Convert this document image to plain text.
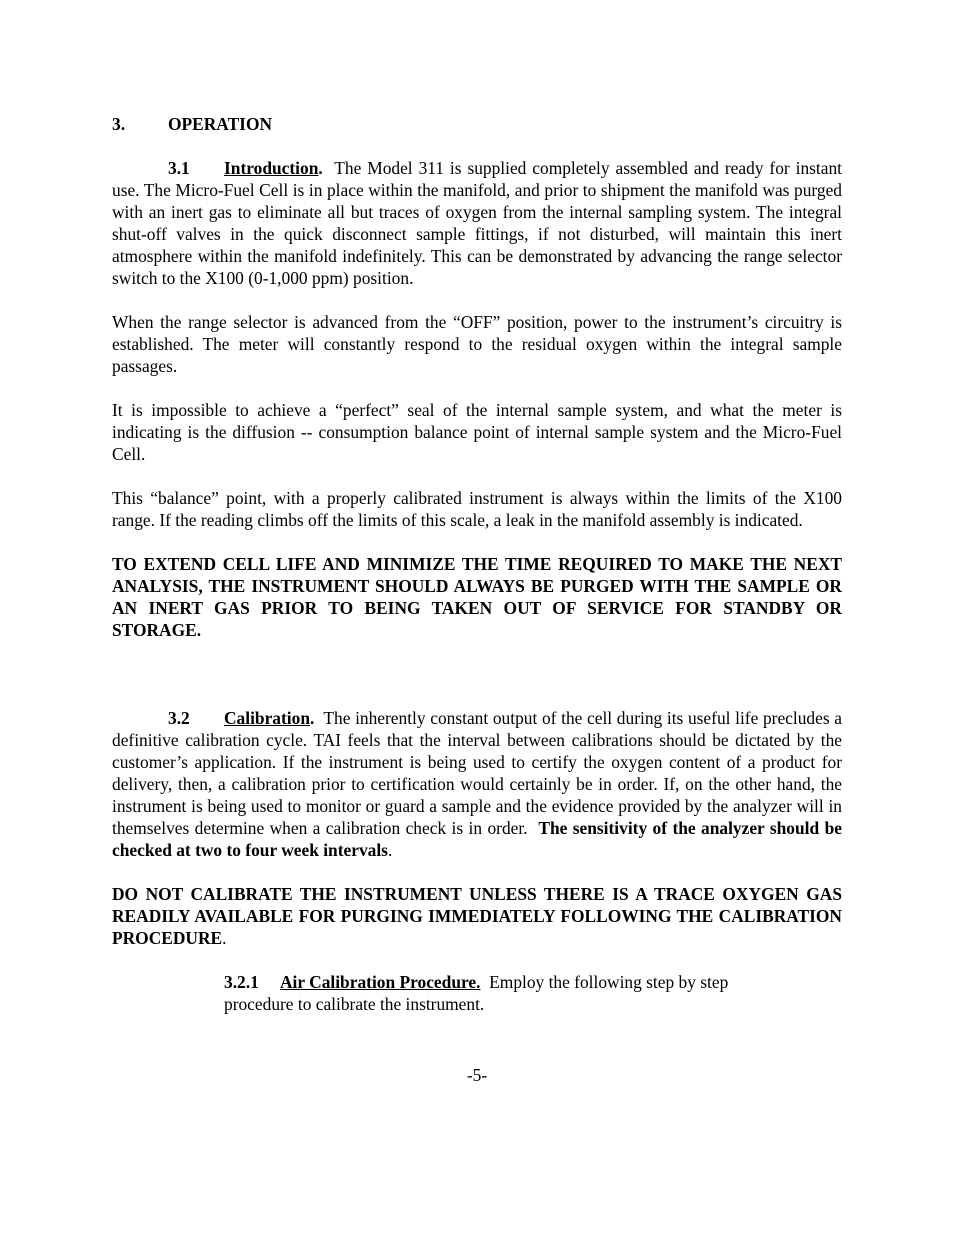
3. OPERATION

3.1 Introduction. The Model 311 is supplied completely assembled and ready for instant use. The Micro-Fuel Cell is in place within the manifold, and prior to shipment the manifold was purged with an inert gas to eliminate all but traces of oxygen from the internal sampling system. The integral shut-off valves in the quick disconnect sample fittings, if not disturbed, will maintain this inert atmosphere within the manifold indefinitely. This can be demonstrated by advancing the range selector switch to the X100 (0-1,000 ppm) position.

When the range selector is advanced from the “OFF” position, power to the instrument’s circuitry is established. The meter will constantly respond to the residual oxygen within the integral sample passages.

It is impossible to achieve a “perfect” seal of the internal sample system, and what the meter is indicating is the diffusion -- consumption balance point of internal sample system and the Micro-Fuel Cell.

This “balance” point, with a properly calibrated instrument is always within the limits of the X100 range. If the reading climbs off the limits of this scale, a leak in the manifold assembly is indicated.

TO EXTEND CELL LIFE AND MINIMIZE THE TIME REQUIRED TO MAKE THE NEXT ANALYSIS, THE INSTRUMENT SHOULD ALWAYS BE PURGED WITH THE SAMPLE OR AN INERT GAS PRIOR TO BEING TAKEN OUT OF SERVICE FOR STANDBY OR STORAGE.

3.2 Calibration. The inherently constant output of the cell during its useful life precludes a definitive calibration cycle. TAI feels that the interval between calibrations should be dictated by the customer’s application. If the instrument is being used to certify the oxygen content of a product for delivery, then, a calibration prior to certification would certainly be in order. If, on the other hand, the instrument is being used to monitor or guard a sample and the evidence provided by the analyzer will in themselves determine when a calibration check is in order. The sensitivity of the analyzer should be checked at two to four week intervals.

DO NOT CALIBRATE THE INSTRUMENT UNLESS THERE IS A TRACE OXYGEN GAS READILY AVAILABLE FOR PURGING IMMEDIATELY FOLLOWING THE CALIBRATION PROCEDURE.

3.2.1 Air Calibration Procedure. Employ the following step by step procedure to calibrate the instrument.

-5-
